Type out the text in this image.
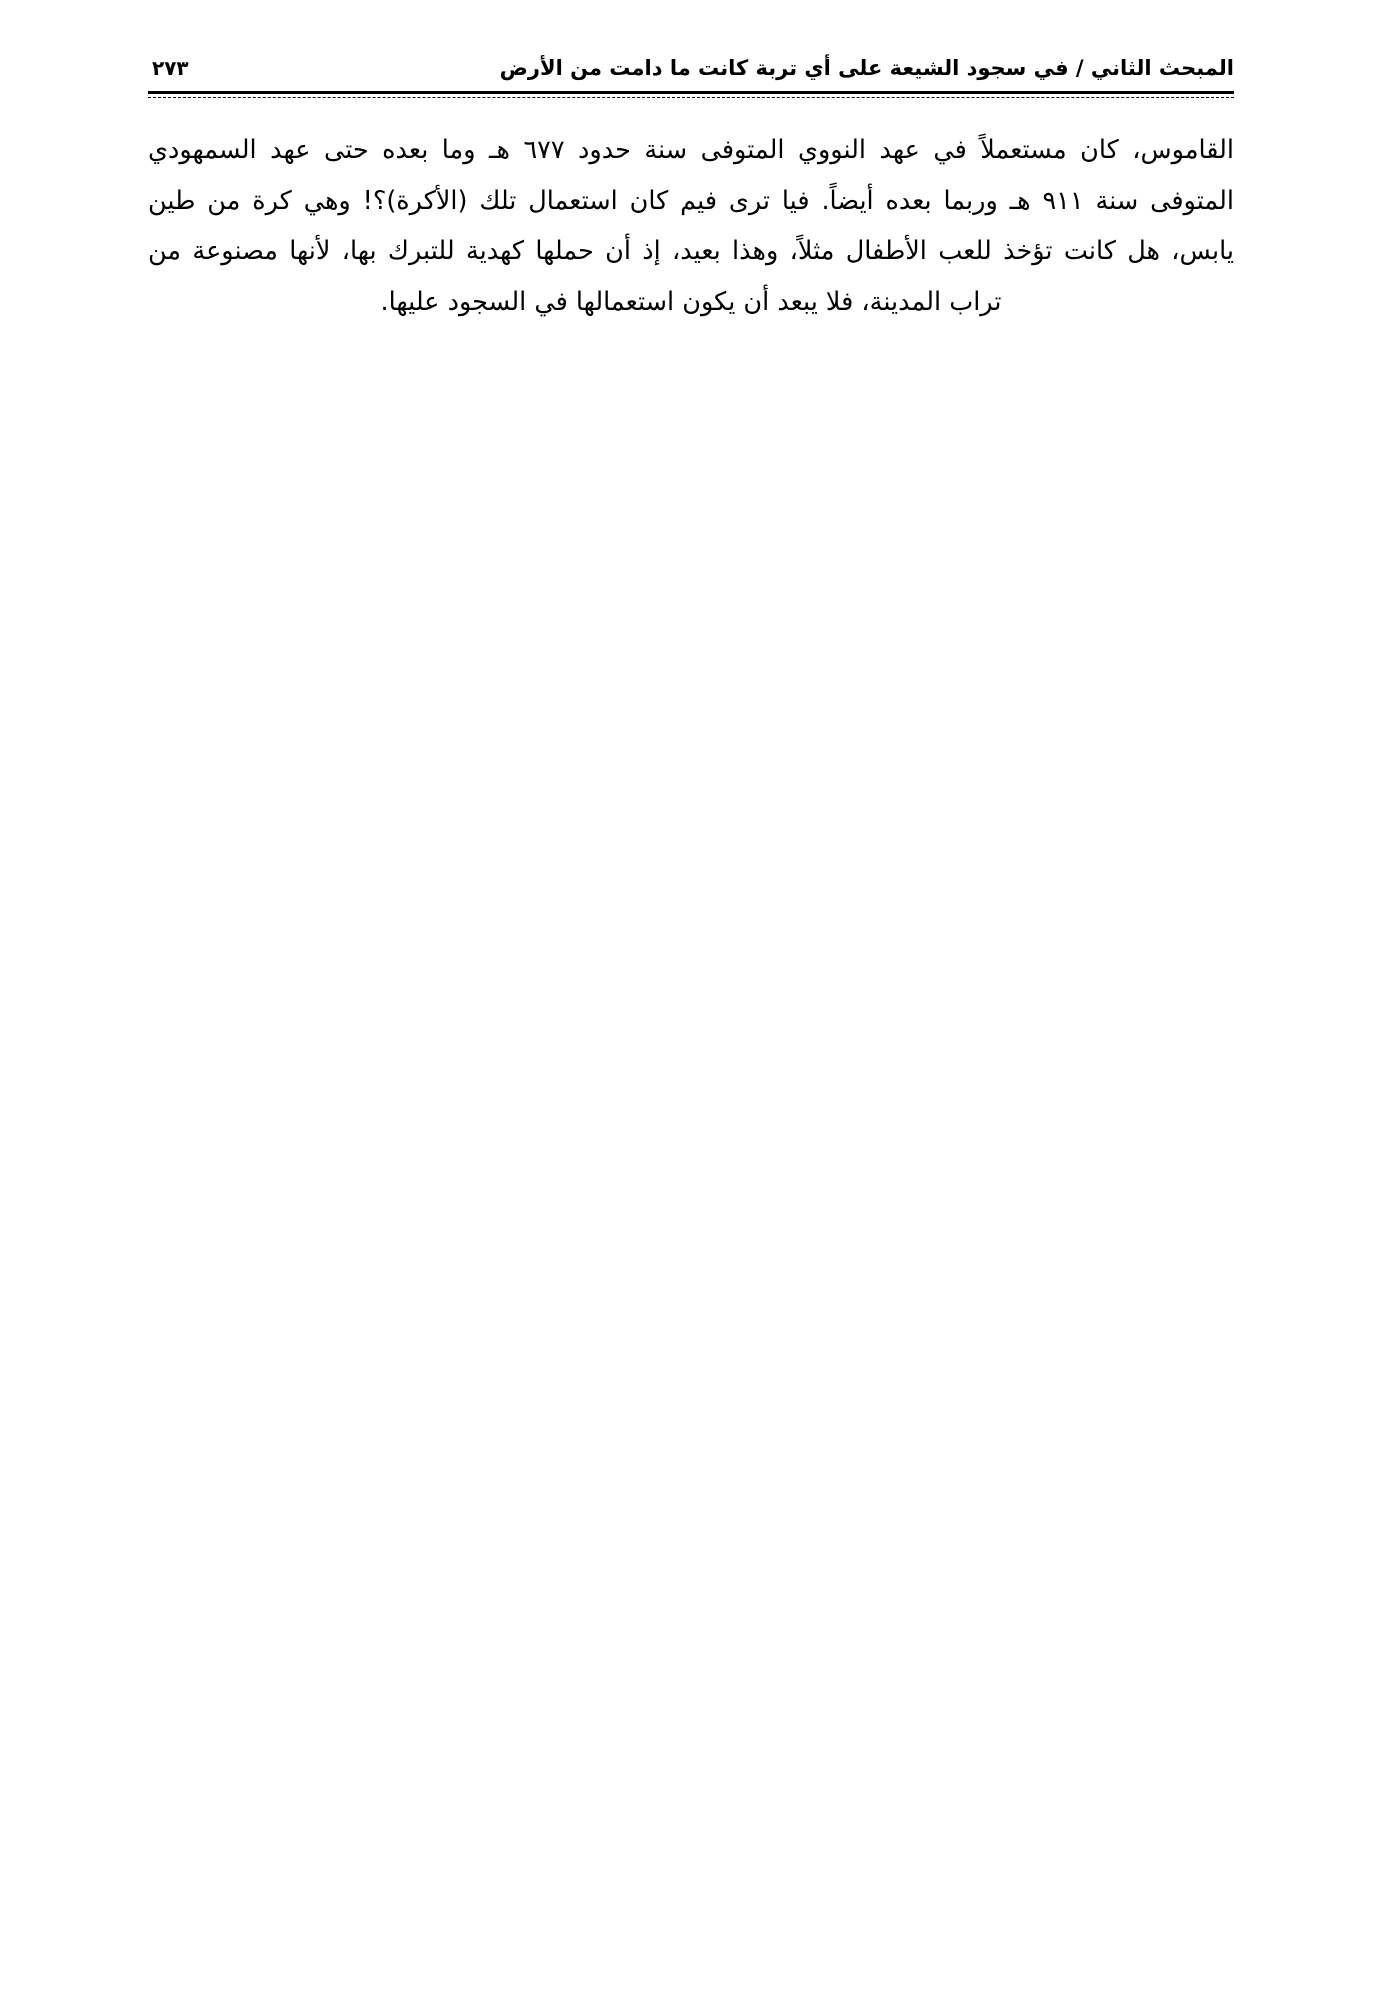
المبحث الثاني / في سجود الشيعة على أي تربة كانت ما دامت من الأرض
٢٧٣

القاموس، كان مستعملاً في عهد النووي المتوفى سنة حدود ٦٧٧ هـ وما بعده حتى عهد السمهودي المتوفى سنة ٩١١ هـ وربما بعده أيضاً. فيا ترى فيم كان استعمال تلك (الأكرة)؟! وهي كرة من طين يابس، هل كانت تؤخذ للعب الأطفال مثلاً، وهذا بعيد، إذ أن حملها كهدية للتبرك بها، لأنها مصنوعة من تراب المدينة، فلا يبعد أن يكون استعمالها في السجود عليها.
